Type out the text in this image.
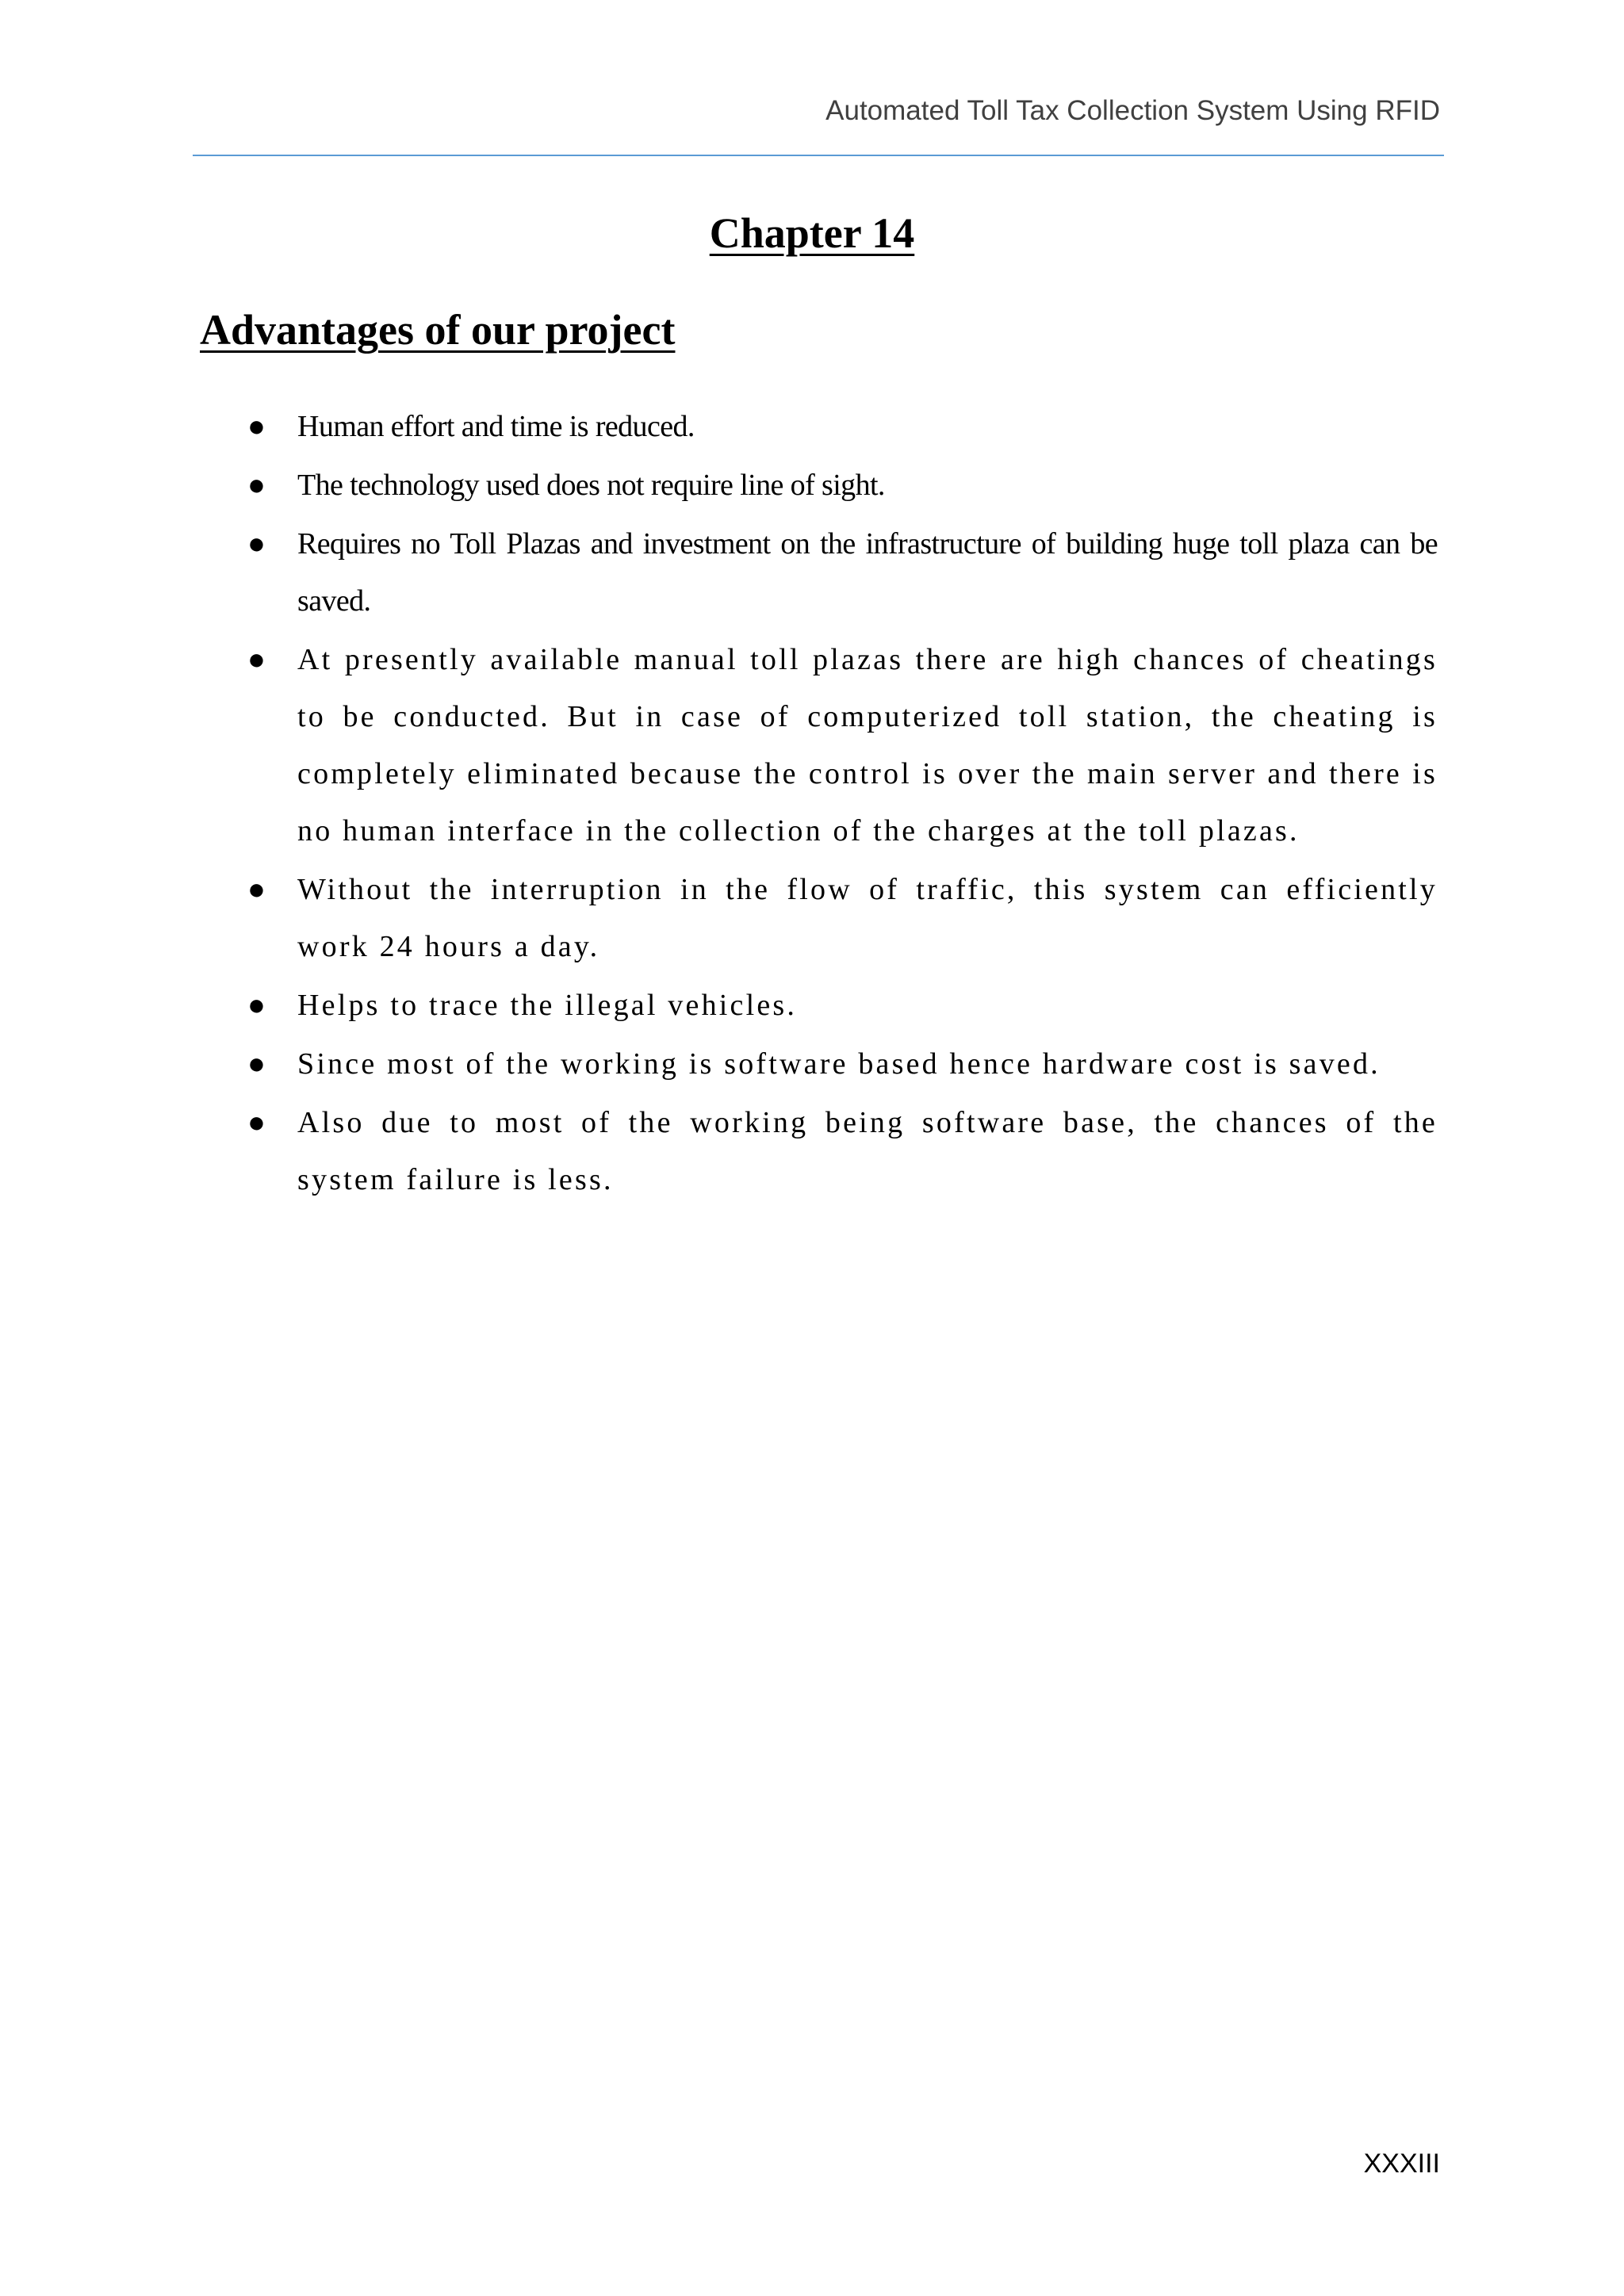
Automated Toll Tax Collection System Using RFID
Chapter 14
Advantages of our project
● Human effort and time is reduced.
● The technology used does not require line of sight.
● Requires no Toll Plazas and investment on the infrastructure of building huge toll plaza can be saved.
● At presently available manual toll plazas there are high chances of cheatings to be conducted. But in case of computerized toll station, the cheating is completely eliminated because the control is over the main server and there is no human interface in the collection of the charges at the toll plazas.
● Without the interruption in the flow of traffic, this system can efficiently work 24 hours a day.
● Helps to trace the illegal vehicles.
● Since most of the working is software based hence hardware cost is saved.
● Also due to most of the working being software base, the chances of the system failure is less.
XXXIII
